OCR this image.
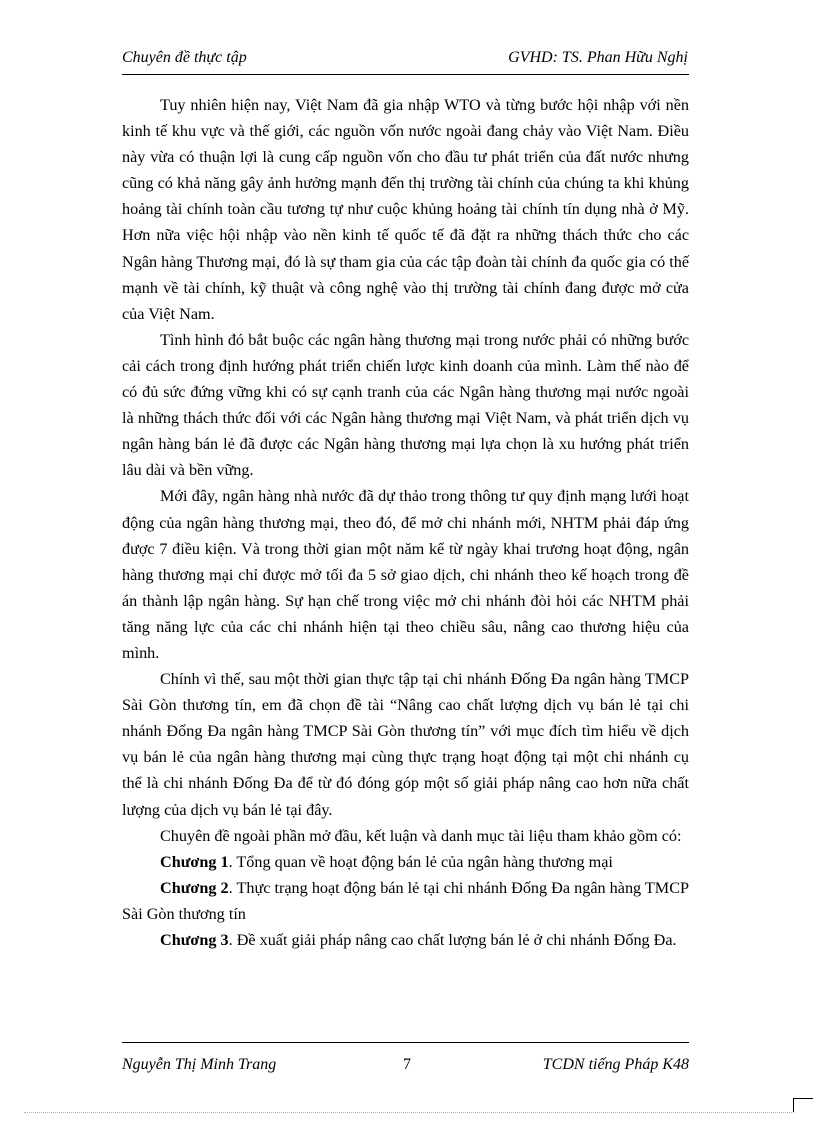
Chuyên đề thực tập	GVHD: TS. Phan Hữu Nghị

Tuy nhiên hiện nay, Việt Nam đã gia nhập WTO và từng bước hội nhập với nền kinh tế khu vực và thế giới, các nguồn vốn nước ngoài đang chảy vào Việt Nam. Điều này vừa có thuận lợi là cung cấp nguồn vốn cho đầu tư phát triển của đất nước nhưng cũng có khả năng gây ảnh hưởng mạnh đến thị trường tài chính của chúng ta khi khủng hoảng tài chính toàn cầu tương tự như cuộc khủng hoảng tài chính tín dụng nhà ở Mỹ. Hơn nữa việc hội nhập vào nền kinh tế quốc tế đã đặt ra những thách thức cho các Ngân hàng Thương mại, đó là sự tham gia của các tập đoàn tài chính đa quốc gia có thế mạnh về tài chính, kỹ thuật và công nghệ vào thị trường tài chính đang được mở cửa của Việt Nam.

Tình hình đó bắt buộc các ngân hàng thương mại trong nước phải có những bước cải cách trong định hướng phát triển chiến lược kinh doanh của mình. Làm thế nào để có đủ sức đứng vững khi có sự cạnh tranh của các Ngân hàng thương mại nước ngoài là những thách thức đối với các Ngân hàng thương mại Việt Nam, và phát triển dịch vụ ngân hàng bán lẻ đã được các Ngân hàng thương mại lựa chọn là xu hướng phát triển lâu dài và bền vững.

Mới đây, ngân hàng nhà nước đã dự thảo trong thông tư quy định mạng lưới hoạt động của ngân hàng thương mại, theo đó, để mở chi nhánh mới, NHTM phải đáp ứng được 7 điều kiện. Và trong thời gian một năm kể từ ngày khai trương hoạt động, ngân hàng thương mại chỉ được mở tối đa 5 sở giao dịch, chi nhánh theo kế hoạch trong đề án thành lập ngân hàng. Sự hạn chế trong việc mở chi nhánh đòi hỏi các NHTM phải tăng năng lực của các chi nhánh hiện tại theo chiều sâu, nâng cao thương hiệu của mình.

Chính vì thế, sau một thời gian thực tập tại chi nhánh Đống Đa ngân hàng TMCP Sài Gòn thương tín, em đã chọn đề tài “Nâng cao chất lượng dịch vụ bán lẻ tại chi nhánh Đống Đa ngân hàng TMCP Sài Gòn thương tín” với mục đích tìm hiểu về dịch vụ bán lẻ của ngân hàng thương mại cùng thực trạng hoạt động tại một chi nhánh cụ thể là chi nhánh Đống Đa để từ đó đóng góp một số giải pháp nâng cao hơn nữa chất lượng của dịch vụ bán lẻ tại đây.

Chuyên đề ngoài phần mở đầu, kết luận và danh mục tài liệu tham khảo gồm có:

Chương 1. Tổng quan về hoạt động bán lẻ của ngân hàng thương mại

Chương 2. Thực trạng hoạt động bán lẻ tại chi nhánh Đống Đa ngân hàng TMCP Sài Gòn thương tín

Chương 3. Đề xuất giải pháp nâng cao chất lượng bán lẻ ở chi nhánh Đống Đa.

Nguyễn Thị Minh Trang	7	TCDN tiếng Pháp K48
